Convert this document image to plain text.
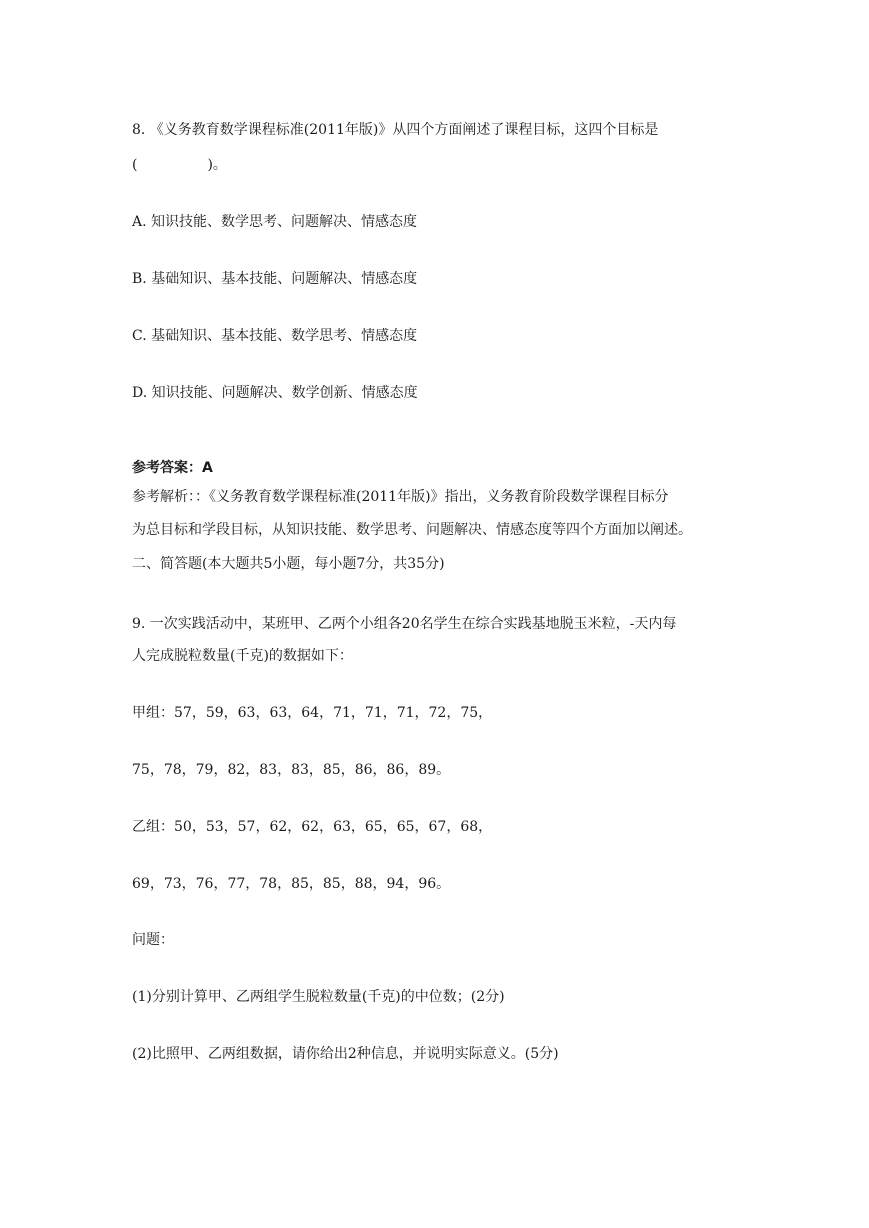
8. 《义务教育数学课程标准(2011年版)》从四个方面阐述了课程目标，这四个目标是
(　　　　　)。
A. 知识技能、数学思考、问题解决、情感态度
B. 基础知识、基本技能、问题解决、情感态度
C. 基础知识、基本技能、数学思考、情感态度
D. 知识技能、问题解决、数学创新、情感态度
参考答案：A
参考解析：：《义务教育数学课程标准(2011年版)》指出，义务教育阶段数学课程目标分
为总目标和学段目标，从知识技能、数学思考、问题解决、情感态度等四个方面加以阐述。
二、简答题(本大题共5小题，每小题7分，共35分)
9. 一次实践活动中，某班甲、乙两个小组各20名学生在综合实践基地脱玉米粒，-天内每
人完成脱粒数量(千克)的数据如下：
甲组：57，59，63，63，64，71，71，71，72，75，
75，78，79，82，83，83，85，86，86，89。
乙组：50，53，57，62，62，63，65，65，67，68，
69，73，76，77，78，85，85，88，94，96。
问题：
(1)分别计算甲、乙两组学生脱粒数量(千克)的中位数；(2分)
(2)比照甲、乙两组数据，请你给出2种信息，并说明实际意义。(5分)
